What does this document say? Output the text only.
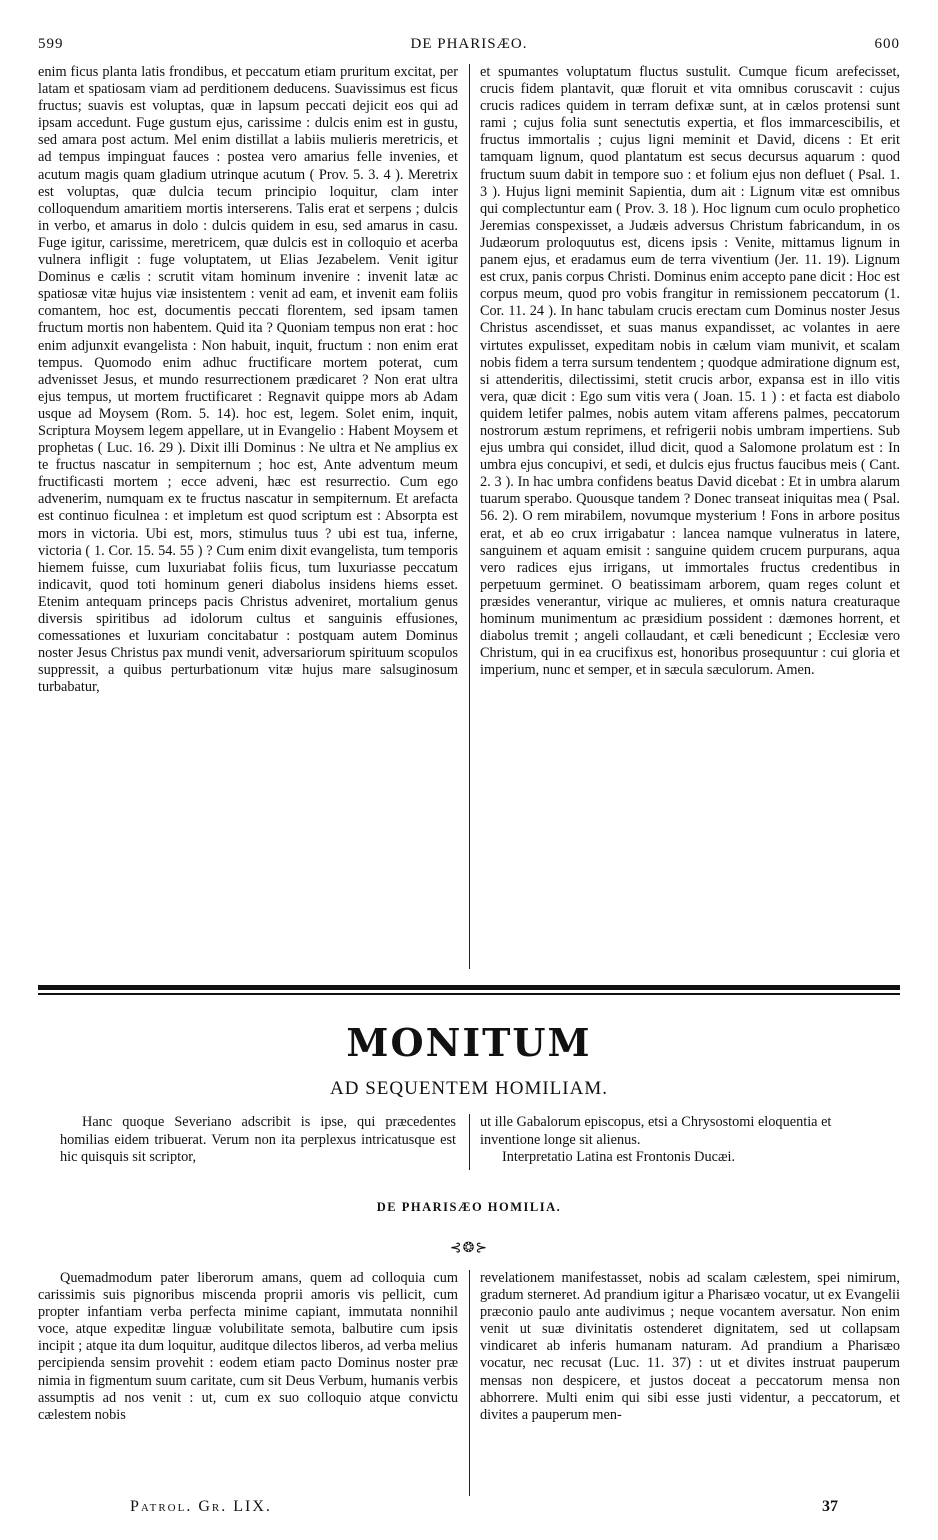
599	DE PHARISÆO.	600

enim ficus planta latis frondibus, et peccatum etiam pruritum excitat, per latam et spatiosam viam ad perditionem deducens. Suavissimus est ficus fructus; suavis est voluptas, quæ in lapsum peccati dejicit eos qui ad ipsam accedunt. Fuge gustum ejus, carissime : dulcis enim est in gustu, sed amara post actum. Mel enim distillat a labiis mulieris meretricis, et ad tempus impinguat fauces : postea vero amarius felle invenies, et acutum magis quam gladium utrinque acutum ( Prov. 5. 3. 4 ). Meretrix est voluptas, quæ dulcia tecum principio loquitur, clam inter colloquendum amaritiem mortis interserens. Talis erat et serpens ; dulcis in verbo, et amarus in dolo : dulcis quidem in esu, sed amarus in casu. Fuge igitur, carissime, meretricem, quæ dulcis est in colloquio et acerba vulnera infligit : fuge voluptatem, ut Elias Jezabelem. Venit igitur Dominus e cælis : scrutit vitam hominum invenire : invenit latæ ac spatiosæ vitæ hujus viæ insistentem : venit ad eam, et invenit eam foliis comantem, hoc est, documentis peccati florentem, sed ipsam tamen fructum mortis non habentem. Quid ita ? Quoniam tempus non erat : hoc enim adjunxit evangelista : Non habuit, inquit, fructum : non enim erat tempus. Quomodo enim adhuc fructificare mortem poterat, cum advenisset Jesus, et mundo resurrectionem prædicaret ? Non erat ultra ejus tempus, ut mortem fructificaret : Regnavit quippe mors ab Adam usque ad Moysem (Rom. 5. 14). hoc est, legem. Solet enim, inquit, Scriptura Moysem legem appellare, ut in Evangelio : Habent Moysem et prophetas ( Luc. 16. 29 ). Dixit illi Dominus : Ne ultra et Ne amplius ex te fructus nascatur in sempiternum ; hoc est, Ante adventum meum fructificasti mortem ; ecce adveni, hæc est resurrectio. Cum ego advenerim, numquam ex te fructus nascatur in sempiternum. Et arefacta est continuo ficulnea : et impletum est quod scriptum est : Absorpta est mors in victoria. Ubi est, mors, stimulus tuus ? ubi est tua, inferne, victoria ( 1. Cor. 15. 54. 55 ) ? Cum enim dixit evangelista, tum temporis hiemem fuisse, cum luxuriabat foliis ficus, tum luxuriasse peccatum indicavit, quod toti hominum generi diabolus insidens hiems esset. Etenim antequam princeps pacis Christus adveniret, mortalium genus diversis spiritibus ad idolorum cultus et sanguinis effusiones, comessationes et luxuriam concitabatur : postquam autem Dominus noster Jesus Christus pax mundi venit, adversariorum spirituum scopulos suppressit, a quibus perturbationum vitæ hujus mare salsuginosum turbabatur,

et spumantes voluptatum fluctus sustulit. Cumque ficum arefecisset, crucis fidem plantavit, quæ floruit et vita omnibus coruscavit : cujus crucis radices quidem in terram defixæ sunt, at in cælos protensi sunt rami ; cujus folia sunt senectutis expertia, et flos immarcescibilis, et fructus immortalis ; cujus ligni meminit et David, dicens : Et erit tamquam lignum, quod plantatum est secus decursus aquarum : quod fructum suum dabit in tempore suo : et folium ejus non defluet ( Psal. 1. 3 ). Hujus ligni meminit Sapientia, dum ait : Lignum vitæ est omnibus qui complectuntur eam ( Prov. 3. 18 ). Hoc lignum cum oculo prophetico Jeremias conspexisset, a Judæis adversus Christum fabricandum, in os Judæorum proloquutus est, dicens ipsis : Venite, mittamus lignum in panem ejus, et eradamus eum de terra viventium (Jer. 11. 19). Lignum est crux, panis corpus Christi. Dominus enim accepto pane dicit : Hoc est corpus meum, quod pro vobis frangitur in remissionem peccatorum (1. Cor. 11. 24 ). In hanc tabulam crucis erectam cum Dominus noster Jesus Christus ascendisset, et suas manus expandisset, ac volantes in aere virtutes expulisset, expeditam nobis in cælum viam munivit, et scalam nobis fidem a terra sursum tendentem ; quodque admiratione dignum est, si attenderitis, dilectissimi, stetit crucis arbor, expansa est in illo vitis vera, quæ dicit : Ego sum vitis vera ( Joan. 15. 1 ) : et facta est diabolo quidem letifer palmes, nobis autem vitam afferens palmes, peccatorum nostrorum æstum reprimens, et refrigerii nobis umbram impertiens. Sub ejus umbra qui considet, illud dicit, quod a Salomone prolatum est : In umbra ejus concupivi, et sedi, et dulcis ejus fructus faucibus meis ( Cant. 2. 3 ). In hac umbra confidens beatus David dicebat : Et in umbra alarum tuarum sperabo. Quousque tandem ? Donec transeat iniquitas mea ( Psal. 56. 2). O rem mirabilem, novumque mysterium ! Fons in arbore positus erat, et ab eo crux irrigabatur : lancea namque vulneratus in latere, sanguinem et aquam emisit : sanguine quidem crucem purpurans, aqua vero radices ejus irrigans, ut immortales fructus credentibus in perpetuum germinet. O beatissimam arborem, quam reges colunt et præsides venerantur, virique ac mulieres, et omnis natura creaturaque hominum munimentum ac præsidium possident : dæmones horrent, et diabolus tremit ; angeli collaudant, et cæli benedicunt ; Ecclesiæ vero Christum, qui in ea crucifixus est, honoribus prosequuntur : cui gloria et imperium, nunc et semper, et in sæcula sæculorum. Amen.

MONITUM
AD SEQUENTEM HOMILIAM.

Hanc quoque Severiano adscribit is ipse, qui præcedentes homilias eidem tribuerat. Verum non ita perplexus intricatusque est hic quisquis sit scriptor,

ut ille Gabalorum episcopus, etsi a Chrysostomi eloquentia et inventione longe sit alienus.

Interpretatio Latina est Frontonis Ducæi.

DE PHARISÆO HOMILIA.
⊰❂⊱

Quemadmodum pater liberorum amans, quem ad colloquia cum carissimis suis pignoribus miscenda proprii amoris vis pellicit, cum propter infantiam verba perfecta minime capiant, immutata nonnihil voce, atque expeditæ linguæ volubilitate semota, balbutire cum ipsis incipit ; atque ita dum loquitur, auditque dilectos liberos, ad verba melius percipienda sensim provehit : eodem etiam pacto Dominus noster præ nimia in figmentum suum caritate, cum sit Deus Verbum, humanis verbis assumptis ad nos venit : ut, cum ex suo colloquio atque convictu cælestem nobis

revelationem manifestasset, nobis ad scalam cælestem, spei nimirum, gradum sterneret. Ad prandium igitur a Pharisæo vocatur, ut ex Evangelii præconio paulo ante audivimus ; neque vocantem aversatur. Non enim venit ut suæ divinitatis ostenderet dignitatem, sed ut collapsam vindicaret ab inferis humanam naturam. Ad prandium a Pharisæo vocatur, nec recusat (Luc. 11. 37) : ut et divites instruat pauperum mensas non despicere, et justos doceat a peccatorum mensa non abhorrere. Multi enim qui sibi esse justi videntur, a peccatorum, et divites a pauperum men-

Patrol. Gr. LIX.	37
